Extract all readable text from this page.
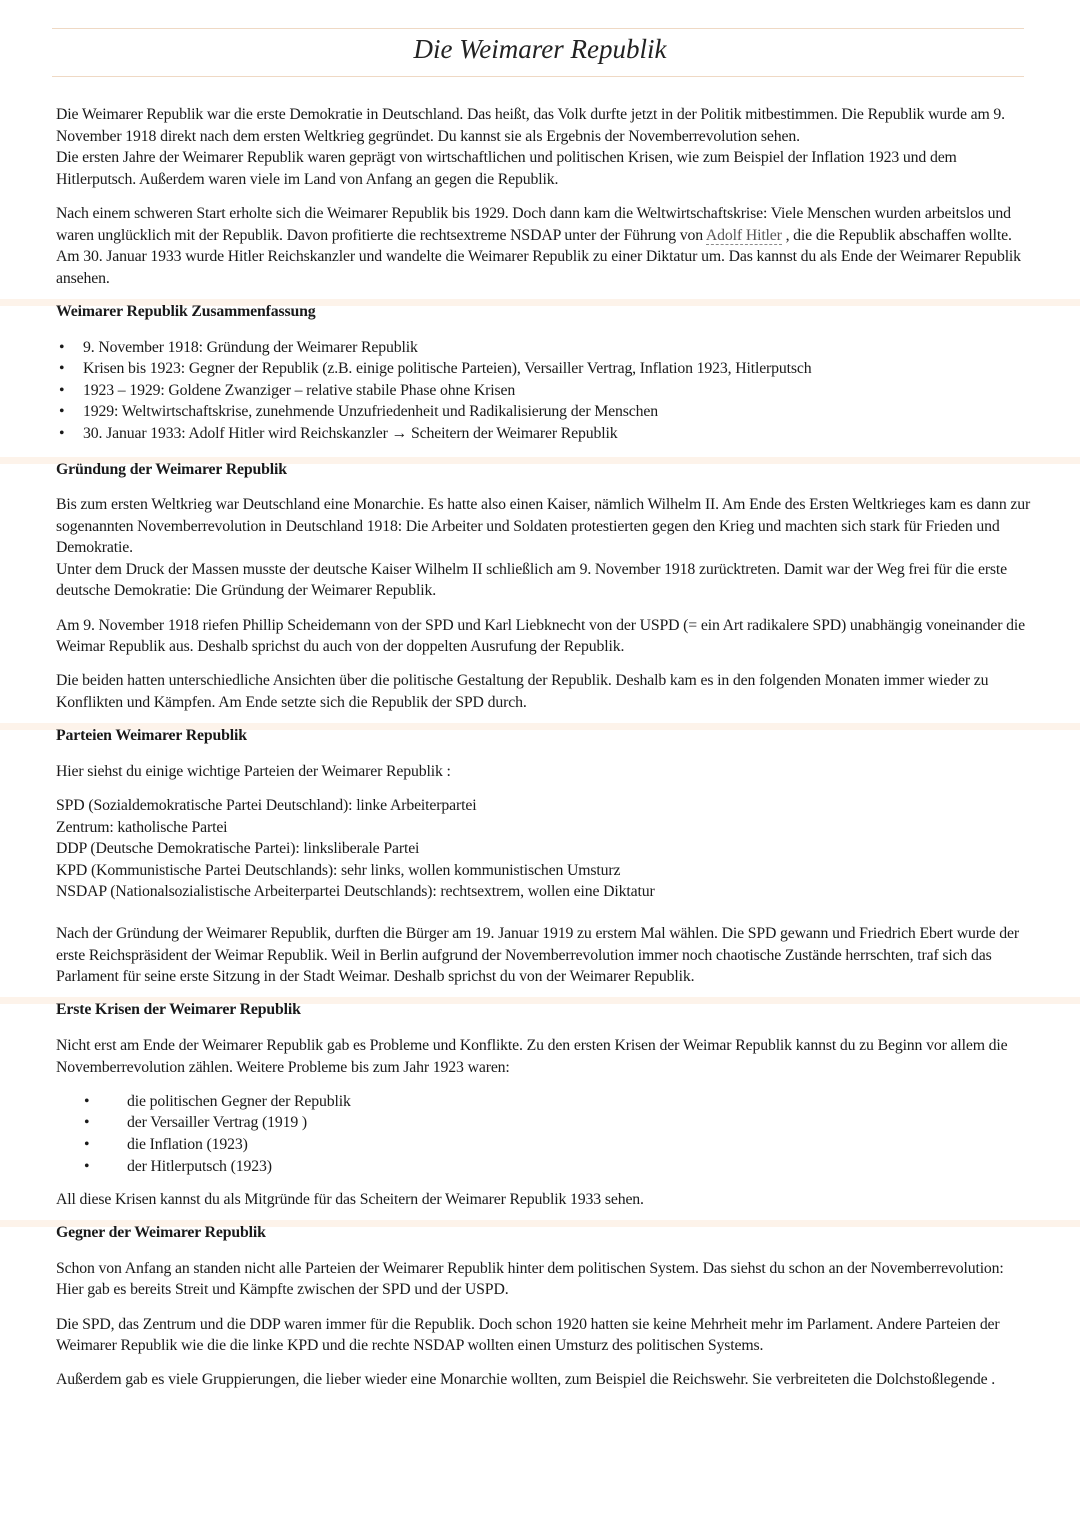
Die Weimarer Republik

Die Weimarer Republik war die erste Demokratie in Deutschland. Das heißt, das Volk durfte jetzt in der Politik mitbestimmen. Die Republik wurde am 9. November 1918 direkt nach dem ersten Weltkrieg gegründet. Du kannst sie als Ergebnis der Novemberrevolution sehen.
Die ersten Jahre der Weimarer Republik waren geprägt von wirtschaftlichen und politischen Krisen, wie zum Beispiel der Inflation 1923 und dem Hitlerputsch. Außerdem waren viele im Land von Anfang an gegen die Republik.

Nach einem schweren Start erholte sich die Weimarer Republik bis 1929. Doch dann kam die Weltwirtschaftskrise: Viele Menschen wurden arbeitslos und waren unglücklich mit der Republik. Davon profitierte die rechtsextreme NSDAP unter der Führung von Adolf Hitler , die die Republik abschaffen wollte. Am 30. Januar 1933 wurde Hitler Reichskanzler und wandelte die Weimarer Republik zu einer Diktatur um. Das kannst du als Ende der Weimarer Republik ansehen.

Weimarer Republik Zusammenfassung
• 9. November 1918: Gründung der Weimarer Republik
• Krisen bis 1923: Gegner der Republik (z.B. einige politische Parteien), Versailler Vertrag, Inflation 1923, Hitlerputsch
• 1923 – 1929: Goldene Zwanziger – relative stabile Phase ohne Krisen
• 1929: Weltwirtschaftskrise, zunehmende Unzufriedenheit und Radikalisierung der Menschen
• 30. Januar 1933: Adolf Hitler wird Reichskanzler → Scheitern der Weimarer Republik
Gründung der Weimarer Republik

Bis zum ersten Weltkrieg war Deutschland eine Monarchie. Es hatte also einen Kaiser, nämlich Wilhelm II. Am Ende des Ersten Weltkrieges kam es dann zur sogenannten Novemberrevolution in Deutschland 1918: Die Arbeiter und Soldaten protestierten gegen den Krieg und machten sich stark für Frieden und Demokratie.
Unter dem Druck der Massen musste der deutsche Kaiser Wilhelm II schließlich am 9. November 1918 zurücktreten. Damit war der Weg frei für die erste deutsche Demokratie: Die Gründung der Weimarer Republik.

Am 9. November 1918 riefen Phillip Scheidemann von der SPD und Karl Liebknecht von der USPD (= ein Art radikalere SPD) unabhängig voneinander die Weimar Republik aus. Deshalb sprichst du auch von der doppelten Ausrufung der Republik.

Die beiden hatten unterschiedliche Ansichten über die politische Gestaltung der Republik. Deshalb kam es in den folgenden Monaten immer wieder zu Konflikten und Kämpfen. Am Ende setzte sich die Republik der SPD durch.

Parteien Weimarer Republik

Hier siehst du einige wichtige Parteien der Weimarer Republik :

SPD (Sozialdemokratische Partei Deutschland): linke Arbeiterpartei
Zentrum: katholische Partei
DDP (Deutsche Demokratische Partei): linksliberale Partei
KPD (Kommunistische Partei Deutschlands): sehr links, wollen kommunistischen Umsturz
NSDAP (Nationalsozialistische Arbeiterpartei Deutschlands): rechtsextrem, wollen eine Diktatur

Nach der Gründung der Weimarer Republik, durften die Bürger am 19. Januar 1919 zu erstem Mal wählen. Die SPD gewann und Friedrich Ebert wurde der erste Reichspräsident der Weimar Republik. Weil in Berlin aufgrund der Novemberrevolution immer noch chaotische Zustände herrschten, traf sich das Parlament für seine erste Sitzung in der Stadt Weimar. Deshalb sprichst du von der Weimarer Republik.

Erste Krisen der Weimarer Republik

Nicht erst am Ende der Weimarer Republik gab es Probleme und Konflikte. Zu den ersten Krisen der Weimar Republik kannst du zu Beginn vor allem die Novemberrevolution zählen. Weitere Probleme bis zum Jahr 1923 waren:

• die politischen Gegner der Republik
• der Versailler Vertrag (1919 )
• die Inflation (1923)
• der Hitlerputsch (1923)

All diese Krisen kannst du als Mitgründe für das Scheitern der Weimarer Republik 1933 sehen.

Gegner der Weimarer Republik

Schon von Anfang an standen nicht alle Parteien der Weimarer Republik hinter dem politischen System. Das siehst du schon an der Novemberrevolution: Hier gab es bereits Streit und Kämpfte zwischen der SPD und der USPD.

Die SPD, das Zentrum und die DDP waren immer für die Republik. Doch schon 1920 hatten sie keine Mehrheit mehr im Parlament. Andere Parteien der Weimarer Republik wie die die linke KPD und die rechte NSDAP wollten einen Umsturz des politischen Systems.

Außerdem gab es viele Gruppierungen, die lieber wieder eine Monarchie wollten, zum Beispiel die Reichswehr. Sie verbreiteten die Dolchstoßlegende .
